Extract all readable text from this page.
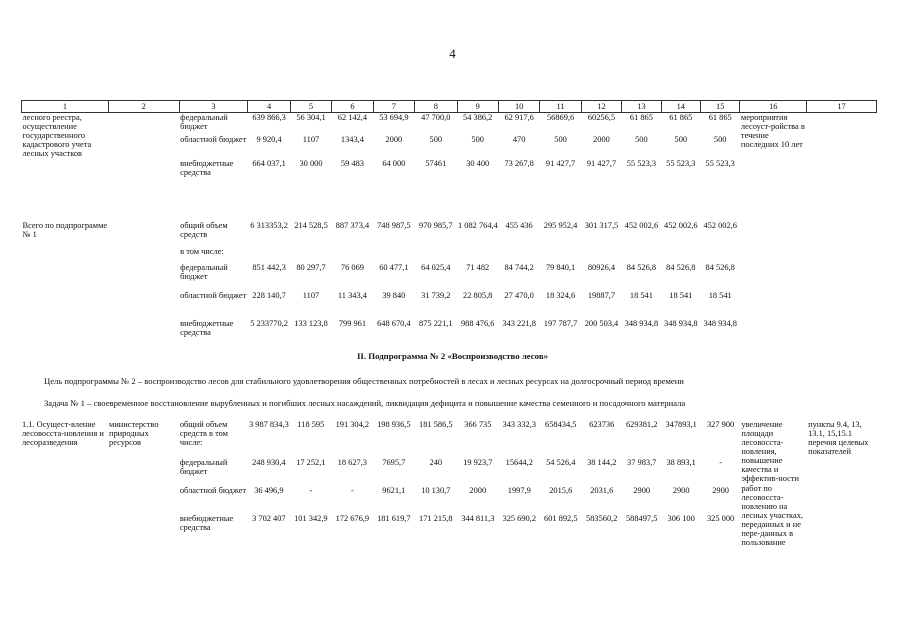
4
1	2	3	4	5	6	7	8	9	10	11	12	13	14	15	16	17
лесного реестра, осуществление государственного кадастрового учета лесных участков		федеральный бюджет	639 866,3	56 304,1	62 142,4	53 694,9	47 700,0	54 386,2	62 917,6	56869,6	60256,5	61 865	61 865	61 865	мероприятия лесоуст-ройства в течение последних 10 лет	
		областной бюджет	9 920,4	1107	1343,4	2000	500	500	470	500	2000	500	500	500		
		внебюджетные средства	664 037,1	30 000	59 483	64 000	57461	30 400	73 267,8	91 427,7	91 427,7	55 523,3	55 523,3	55 523,3		

Всего по подпрограмме № 1		общий объем средств	6 313353,2	214 528,5	887 373,4	748 987,5	970 985,7	1 082 764,4	455 436	295 952,4	301 317,5	452 002,6	452 002,6	452 002,6		
		в том числе:														
		федеральный бюджет	851 442,3	80 297,7	76 069	60 477,1	64 025,4	71 482	84 744,2	79 840,1	80926,4	84 526,8	84 526,8	84 526,8		
		областной бюджет	228 140,7	1107	11 343,4	39 840	31 739,2	22 805,8	27 470,0	18 324,6	19887,7	18 541	18 541	18 541		
		внебюджетные средства	5 233770,2	133 123,8	799 961	648 670,4	875 221,1	988 476,6	343 221,8	197 787,7	200 503,4	348 934,8	348 934,8	348 934,8		
II. Подпрограмма № 2 «Воспроизводство лесов»
Цель подпрограммы № 2 – воспроизводство лесов для стабильного удовлетворения общественных потребностей в лесах и лесных ресурсах на долгосрочный период времени
Задача № 1 – своевременное восстановление вырубленных и погибших лесных насаждений, ликвидация дефицита и повышение качества семенного и посадочного материала
1.1. Осущест-вление лесовосста-новления и лесоразведения	министерство природных ресурсов	общий объем средств в том числе:	3 987 834,3	118 595	191 304,2	198 936,5	181 586,5	366 735	343 332,3	658434,5	623736	629381,2	347893,1	327 900	увеличение площади лесовосста-новления, повышение качества и эффектив-ности работ по лесовосста-новлению на лесных участках, переданных и не пере-данных в пользование	пункты 9.4, 13, 13.1, 15,15.1 перечня целевых показателей
		федеральный бюджет	248 930,4	17 252,1	18 627,3	7695,7	240	19 923,7	15644,2	54 526,4	38 144,2	37 983,7	38 893,1	-		
		областной бюджет	36 496,9	-	-	9621,1	10 130,7	2000	1997,9	2015,6	2031,6	2900	2900	2900		
		внебюджетные средства	3 702 407	101 342,9	172 676,9	181 619,7	171 215,8	344 811,3	325 690,2	601 892,5	583560,2	588497,5	306 100	325 000		
